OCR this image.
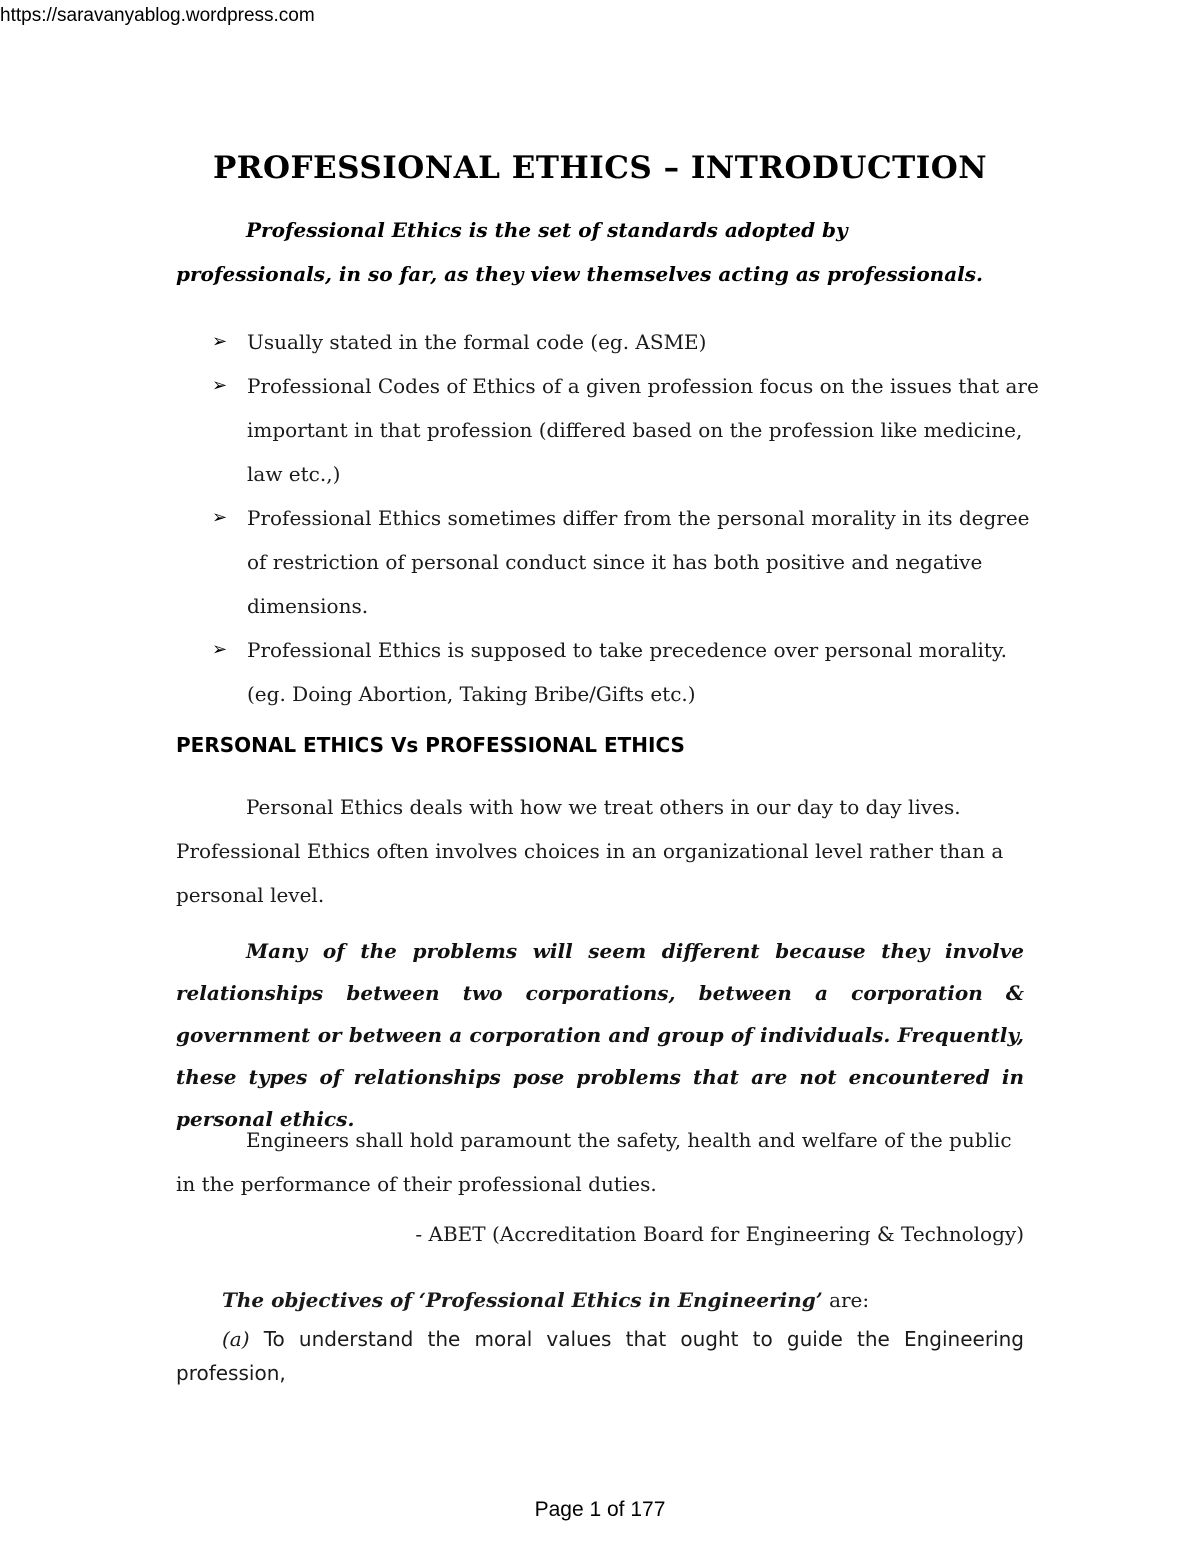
https://saravanyablog.wordpress.com
PROFESSIONAL ETHICS – INTRODUCTION
Professional Ethics is the set of standards adopted by
professionals, in so far, as they view themselves acting as professionals.
➢ Usually stated in the formal code (eg. ASME)
➢ Professional Codes of Ethics of a given profession focus on the issues that are important in that profession (differed based on the profession like medicine, law etc.,)
➢ Professional Ethics sometimes differ from the personal morality in its degree of restriction of personal conduct since it has both positive and negative dimensions.
➢ Professional Ethics is supposed to take precedence over personal morality. (eg. Doing Abortion, Taking Bribe/Gifts etc.)
PERSONAL ETHICS Vs PROFESSIONAL ETHICS

Personal Ethics deals with how we treat others in our day to day lives. Professional Ethics often involves choices in an organizational level rather than a personal level.

Many of the problems will seem different because they involve relationships between two corporations, between a corporation & government or between a corporation and group of individuals. Frequently, these types of relationships pose problems that are not encountered in personal ethics.

Engineers shall hold paramount the safety, health and welfare of the public in the performance of their professional duties.

- ABET (Accreditation Board for Engineering & Technology)
The objectives of ‘Professional Ethics in Engineering’ are:

(a) To understand the moral values that ought to guide the Engineering profession,

Page 1 of 177
